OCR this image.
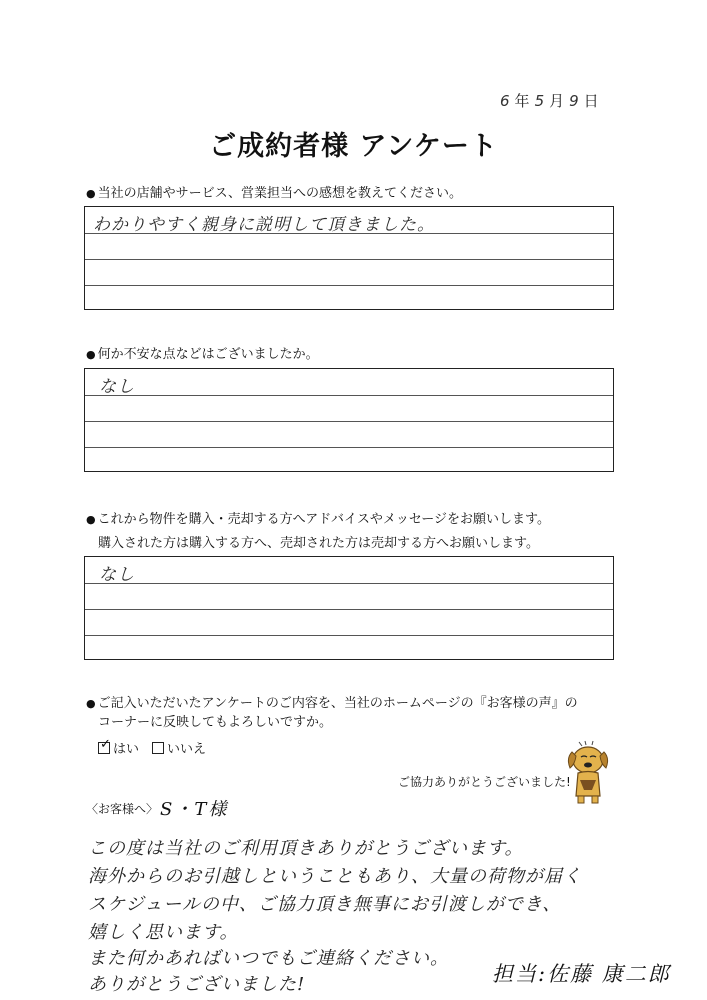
6 年 5 月 9 日
ご成約者様 アンケート
● 当社の店舗やサービス、営業担当への感想を教えてください。
わかりやすく親身に説明して頂きました。
● 何か不安な点などはございましたか。
なし
● これから物件を購入・売却する方へアドバイスやメッセージをお願いします。
購入された方は購入する方へ、売却された方は売却する方へお願いします。
なし
● ご記入いただいたアンケートのご内容を、当社のホームページの『お客様の声』の
コーナーに反映してもよろしいですか。
✓ はい	いいえ
ご協力ありがとうございました!
〈お客様へ〉 S・T様
この度は当社のご利用頂きありがとうございます。
海外からのお引越しということもあり、大量の荷物が届く
スケジュールの中、ご協力頂き無事にお引渡しができ、
嬉しく思います。
また何かあればいつでもご連絡ください。
ありがとうございました!	担当:佐藤 康二郎
